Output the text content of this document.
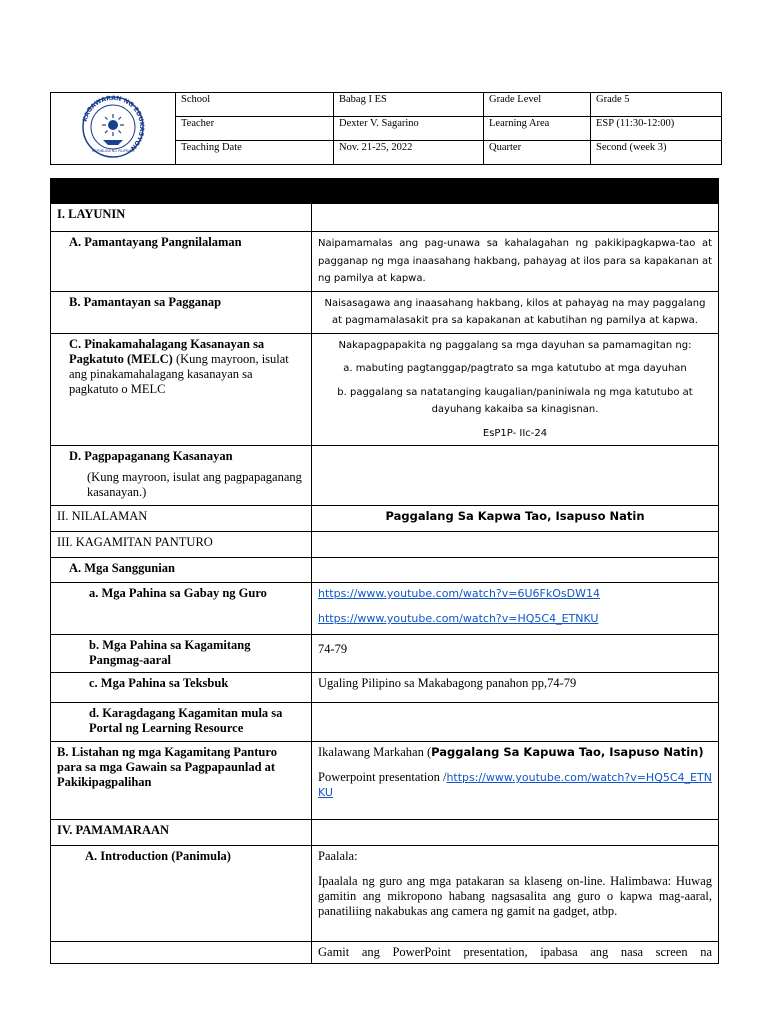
KAGAWARAN NG EDUKASYON
REPUBLIKA NG PILIPINAS	School	Babag I ES	Grade Level	Grade 5
	Teacher	Dexter V. Sagarino	Learning Area	ESP (11:30-12:00)
	Teaching Date	Nov. 21-25, 2022	Quarter	Second (week 3)

I. LAYUNIN	
A. Pamantayang Pangnilalaman	Naipamamalas ang pag-unawa sa kahalagahan ng pakikipagkapwa-tao at pagganap ng mga inaasahang hakbang, pahayag at ilos para sa kapakanan at ng pamilya at kapwa.
B. Pamantayan sa Pagganap	Naisasagawa ang inaasahang hakbang, kilos at pahayag na may paggalang at pagmamalasakit pra sa kapakanan at kabutihan ng pamilya at kapwa.
C. Pinakamahalagang Kasanayan sa Pagkatuto (MELC) (Kung mayroon, isulat ang pinakamahalagang kasanayan sa pagkatuto o MELC	Nakapagpapakita ng paggalang sa mga dayuhan sa pamamagitan ng:

a. mabuting pagtanggap/pagtrato sa mga katutubo at mga dayuhan

b. paggalang sa natatanging kaugalian/paniniwala ng mga katutubo at dayuhang kakaiba sa kinagisnan.

EsP1P- IIc-24

D. Pagpapaganang Kasanayan

(Kung mayroon, isulat ang pagpapaganang kasanayan.)	

II. NILALAMAN	Paggalang Sa Kapwa Tao, Isapuso Natin
III. KAGAMITAN PANTURO	
A. Mga Sanggunian	
a. Mga Pahina sa Gabay ng Guro	https://www.youtube.com/watch?v=6U6FkOsDW14

https://www.youtube.com/watch?v=HQ5C4_ETNKU

b. Mga Pahina sa Kagamitang Pangmag-aaral	74-79
c. Mga Pahina sa Teksbuk	Ugaling Pilipino sa Makabagong panahon pp,74-79
d. Karagdagang Kagamitan mula sa Portal ng Learning Resource	
B. Listahan ng mga Kagamitang Panturo para sa mga Gawain sa Pagpapaunlad at Pakikipagpalihan	Ikalawang Markahan (Paggalang Sa Kapuwa Tao, Isapuso Natin)

Powerpoint presentation /https://www.youtube.com/watch?v=HQ5C4_ETNKU

IV. PAMAMARAAN	
A. Introduction (Panimula)	Paalala:

Ipaalala ng guro ang mga patakaran sa klaseng on-line. Halimbawa: Huwag gamitin ang mikropono habang nagsasalita ang guro o kapwa mag-aaral, panatiliing nakabukas ang camera ng gamit na gadget, atbp.

	Gamit ang PowerPoint presentation, ipabasa ang nasa screen na
